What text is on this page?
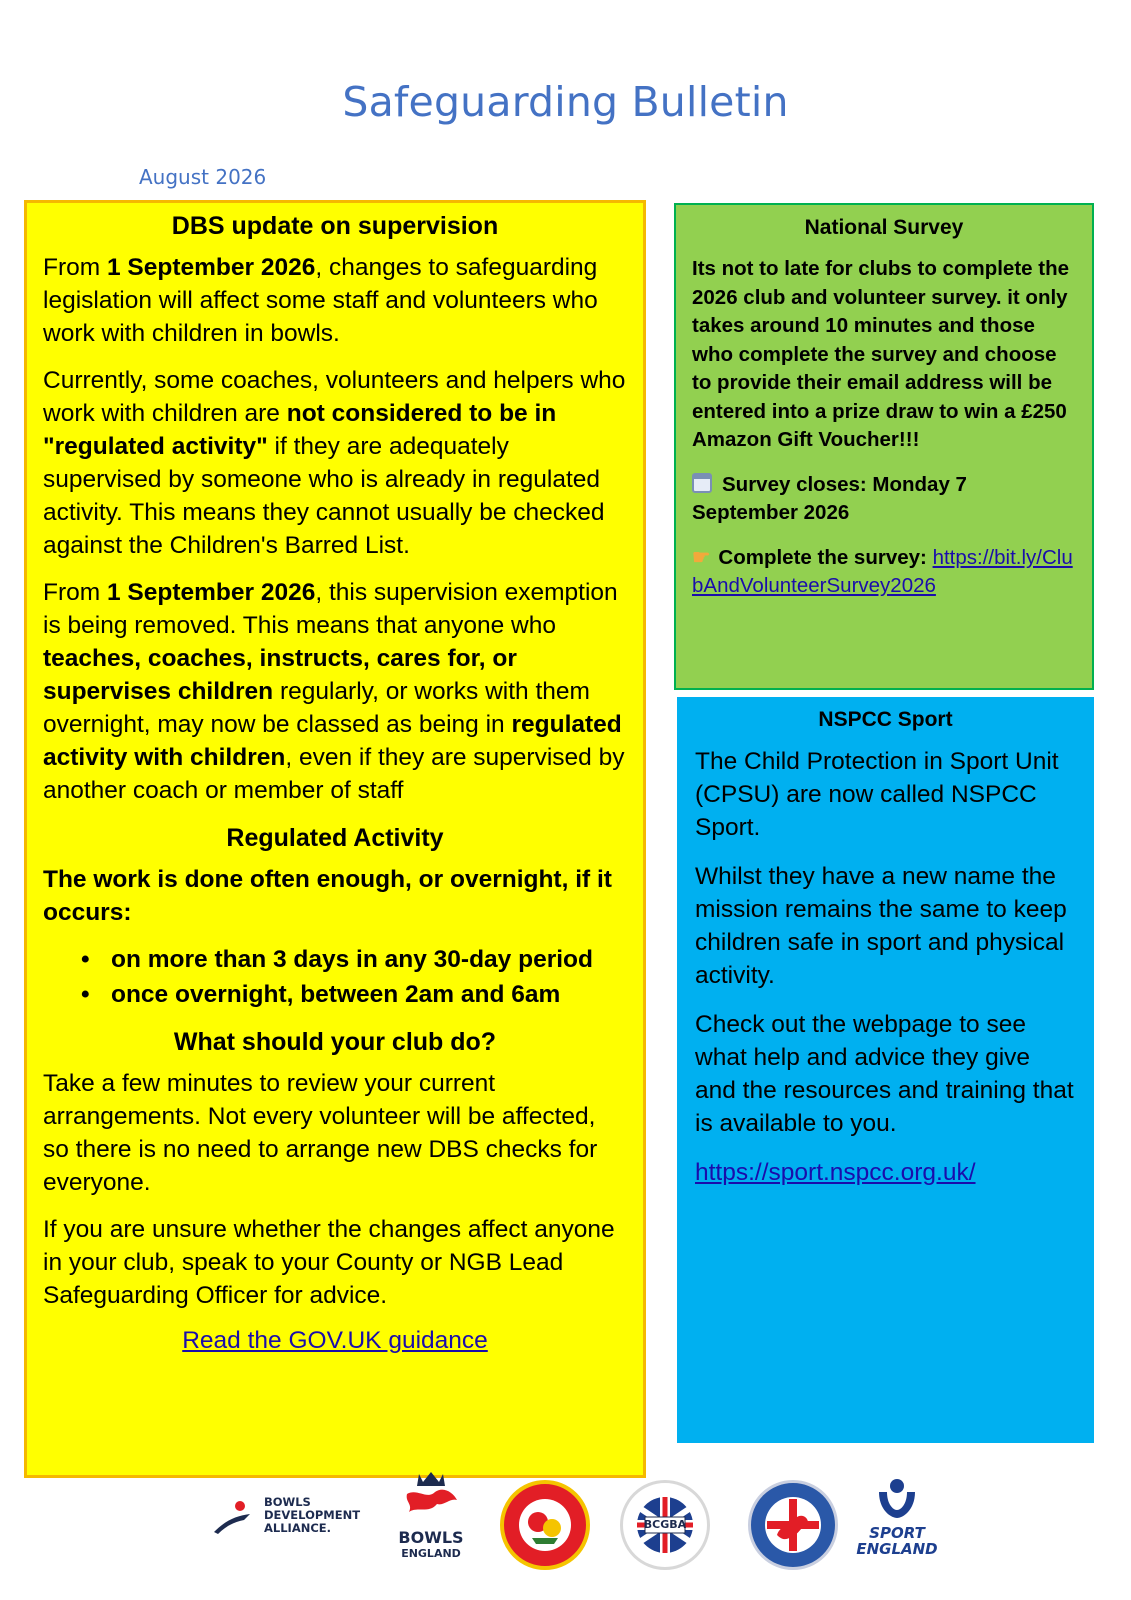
Safeguarding Bulletin
August 2026
DBS update on supervision

From 1 September 2026, changes to safeguarding legislation will affect some staff and volunteers who work with children in bowls.

Currently, some coaches, volunteers and helpers who work with children are not considered to be in "regulated activity" if they are adequately supervised by someone who is already in regulated activity. This means they cannot usually be checked against the Children's Barred List.

From 1 September 2026, this supervision exemption is being removed. This means that anyone who teaches, coaches, instructs, cares for, or supervises children regularly, or works with them overnight, may now be classed as being in regulated activity with children, even if they are supervised by another coach or member of staff

Regulated Activity

The work is done often enough, or overnight, if it occurs:

• on more than 3 days in any 30-day period
• once overnight, between 2am and 6am
What should your club do?

Take a few minutes to review your current arrangements. Not every volunteer will be affected, so there is no need to arrange new DBS checks for everyone.

If you are unsure whether the changes affect anyone in your club, speak to your County or NGB Lead Safeguarding Officer for advice.

Read the GOV.UK guidance
National Survey

Its not to late for clubs to complete the 2026 club and volunteer survey. it only takes around 10 minutes and those who complete the survey and choose to provide their email address will be entered into a prize draw to win a £250 Amazon Gift Voucher!!!

Survey closes: Monday 7 September 2026

☛ Complete the survey: https://bit.ly/ClubAndVolunteerSurvey2026

NSPCC Sport

The Child Protection in Sport Unit (CPSU) are now called NSPCC Sport.

Whilst they have a new name the mission remains the same to keep children safe in sport and physical activity.

Check out the webpage to see what help and advice they give and the resources and training that is available to you.

https://sport.nspcc.org.uk/

BOWLS DEVELOPMENT ALLIANCE.	BOWLS
ENGLAND
BCGBA	SPORT
ENGLAND
